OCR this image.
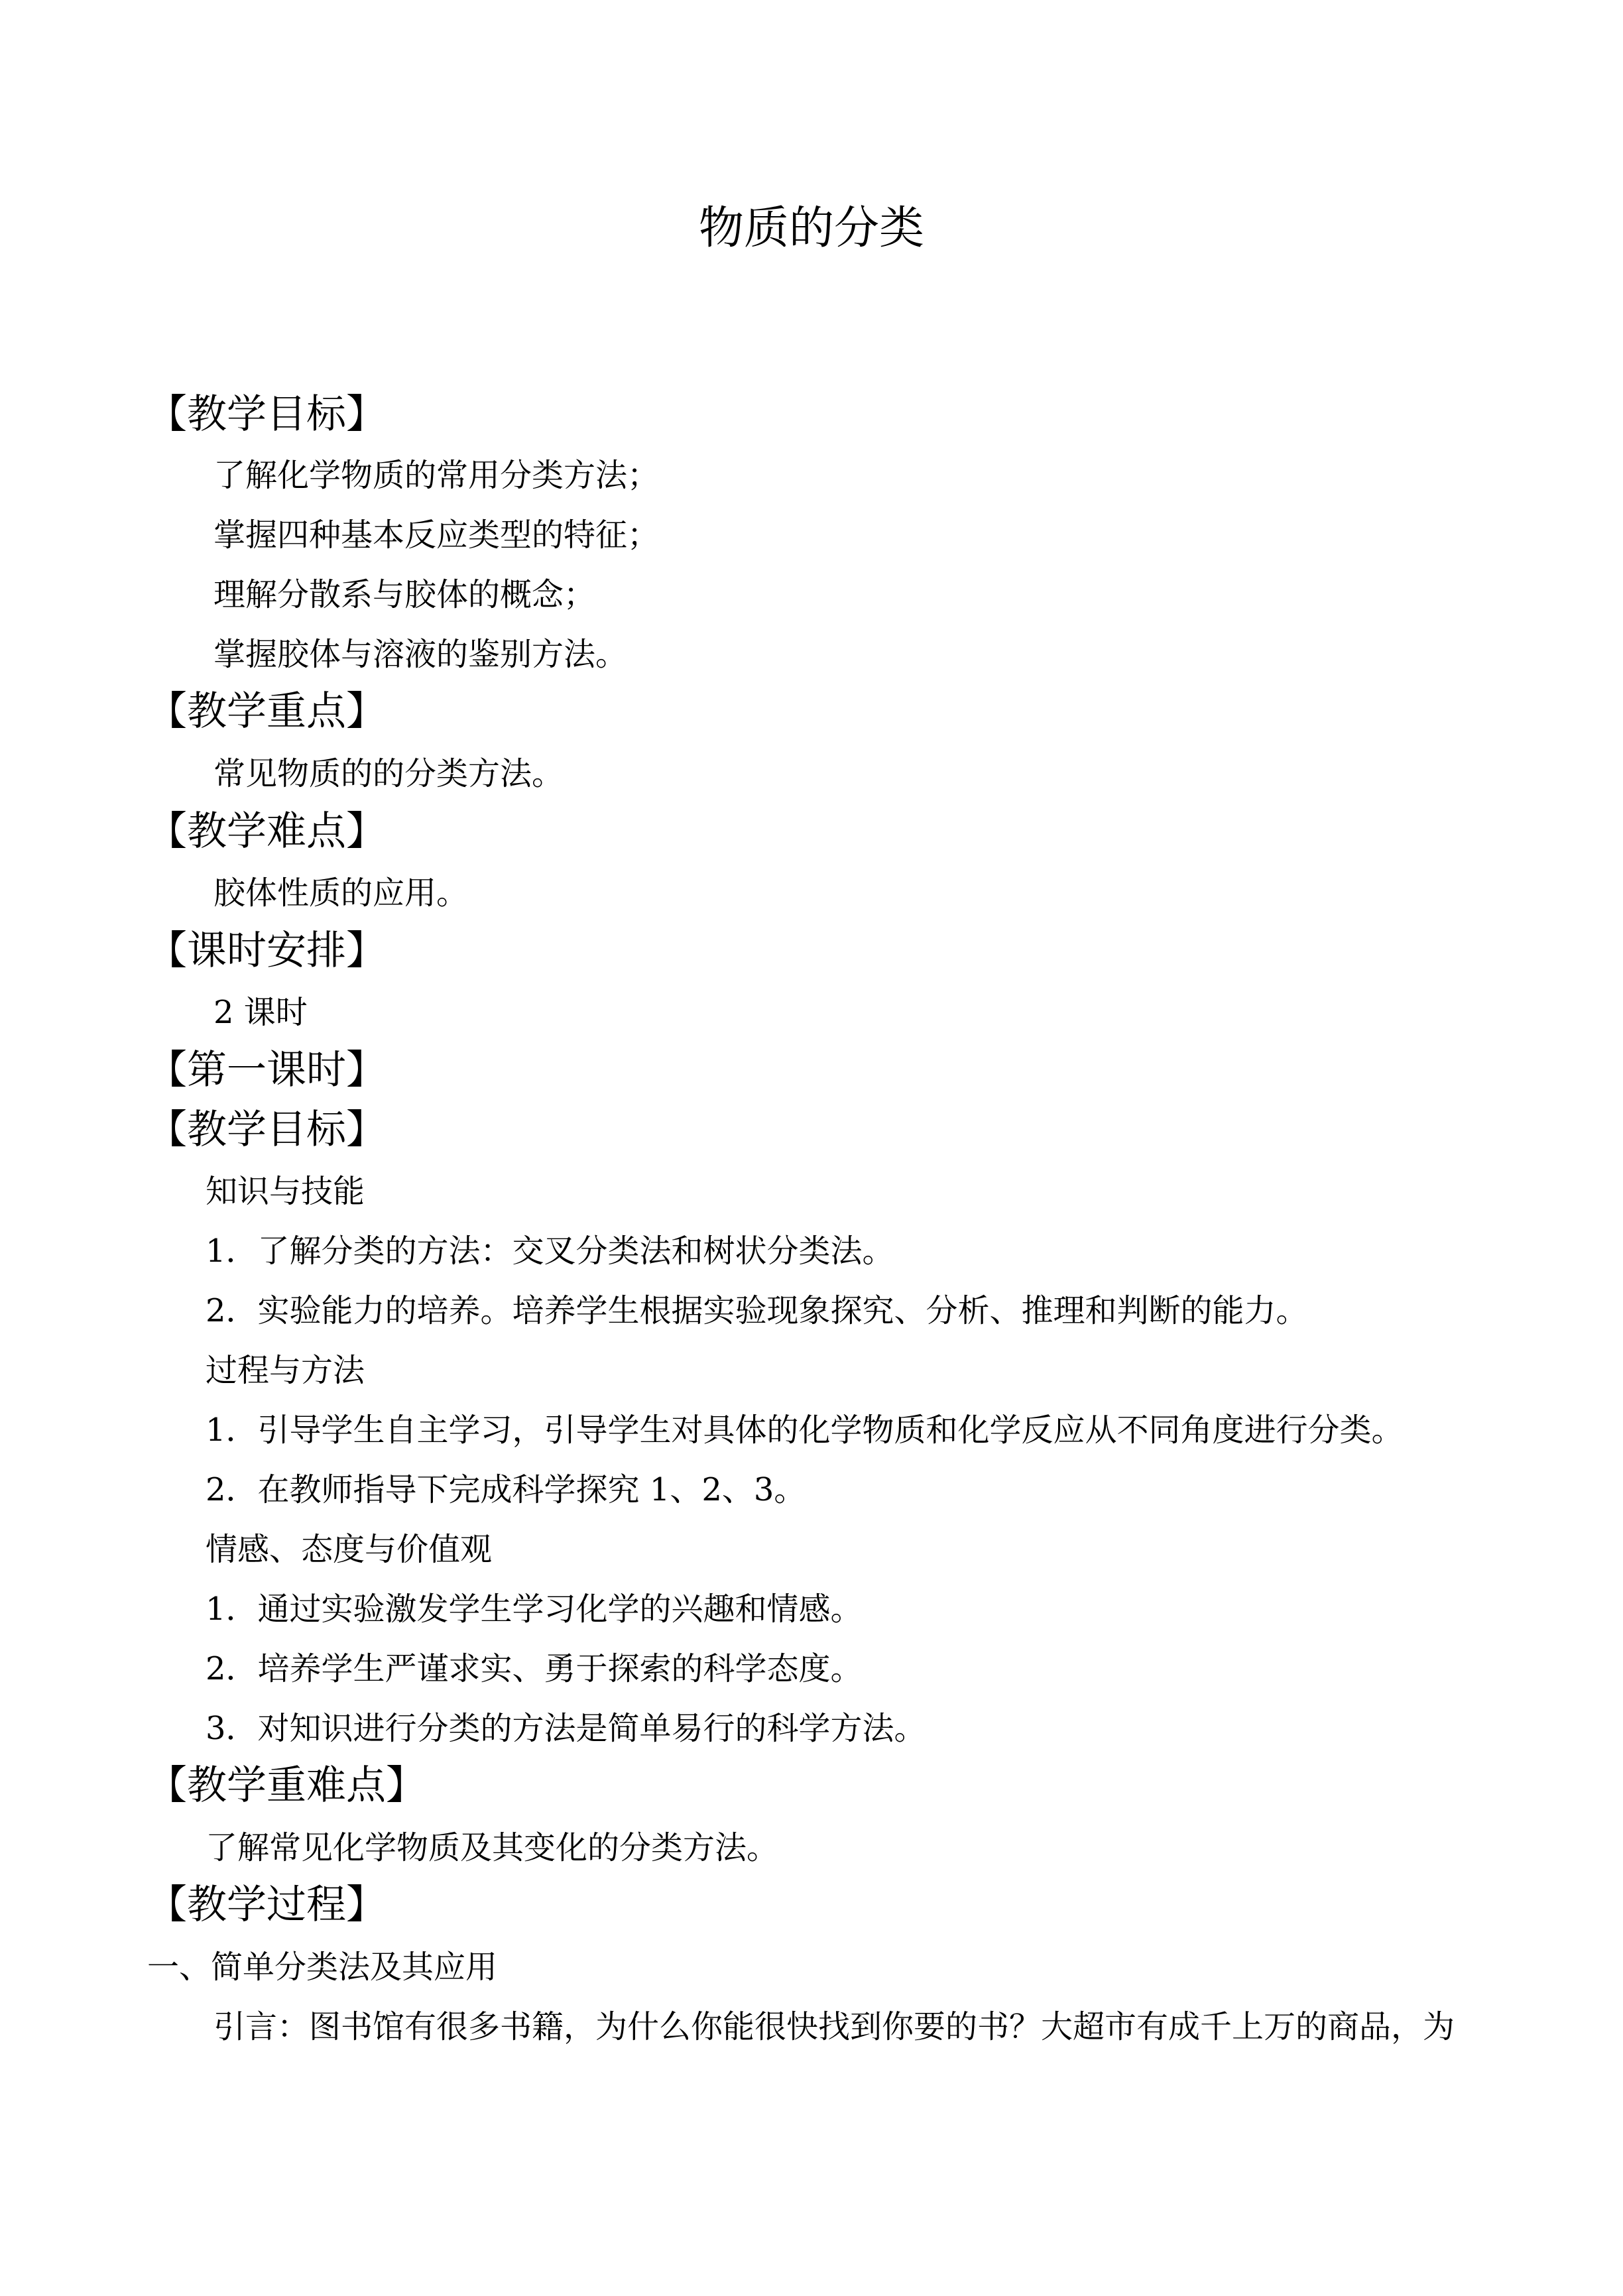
物质的分类
【教学目标】
了解化学物质的常用分类方法；
掌握四种基本反应类型的特征；
理解分散系与胶体的概念；
掌握胶体与溶液的鉴别方法。
【教学重点】
常见物质的的分类方法。
【教学难点】
胶体性质的应用。
【课时安排】
2 课时
【第一课时】
【教学目标】
知识与技能
1．了解分类的方法：交叉分类法和树状分类法。
2．实验能力的培养。培养学生根据实验现象探究、分析、推理和判断的能力。
过程与方法
1．引导学生自主学习，引导学生对具体的化学物质和化学反应从不同角度进行分类。
2．在教师指导下完成科学探究 1、2、3。
情感、态度与价值观
1．通过实验激发学生学习化学的兴趣和情感。
2．培养学生严谨求实、勇于探索的科学态度。
3．对知识进行分类的方法是简单易行的科学方法。
【教学重难点】
了解常见化学物质及其变化的分类方法。
【教学过程】
一、简单分类法及其应用
引言：图书馆有很多书籍，为什么你能很快找到你要的书？大超市有成千上万的商品，为
